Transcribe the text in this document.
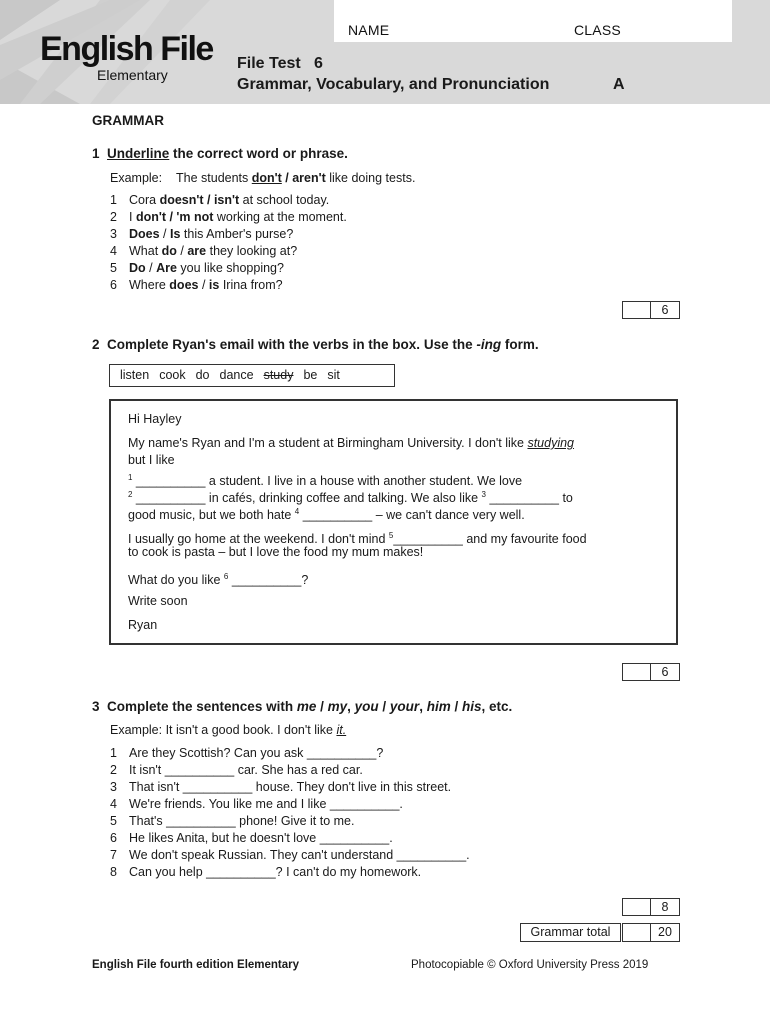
English File
Elementary
NAME	CLASS
File Test   6
Grammar, Vocabulary, and Pronunciation	A
GRAMMAR
1 Underline the correct word or phrase.
Example: The students don't / aren't like doing tests.
1 Cora doesn't / isn't at school today.
2 I don't / 'm not working at the moment.
3 Does / Is this Amber's purse?
4 What do / are they looking at?
5 Do / Are you like shopping?
6 Where does / is Irina from?
6
2 Complete Ryan's email with the verbs in the box. Use the -ing form.
listen cook do dance study be sit
Hi Hayley
My name's Ryan and I'm a student at Birmingham University. I don't like studying
but I like
$^1$ __________ a student. I live in a house with another student. We love
$^2$ __________ in cafés, drinking coffee and talking. We also like $^3$ __________ to
good music, but we both hate $^4$ __________ – we can't dance very well.
I usually go home at the weekend. I don't mind $^5$__________ and my favourite food
to cook is pasta – but I love the food my mum makes!
What do you like $^6$ __________?
Write soon
Ryan
6
3 Complete the sentences with me / my, you / your, him / his, etc.
Example: It isn't a good book. I don't like it.
1 Are they Scottish? Can you ask __________?
2 It isn't __________ car. She has a red car.
3 That isn't __________ house. They don't live in this street.
4 We're friends. You like me and I like __________.
5 That's __________ phone! Give it to me.
6 He likes Anita, but he doesn't love __________.
7 We don't speak Russian. They can't understand __________.
8 Can you help __________? I can't do my homework.
8
Grammar total	20
English File fourth edition Elementary	Photocopiable © Oxford University Press 2019
